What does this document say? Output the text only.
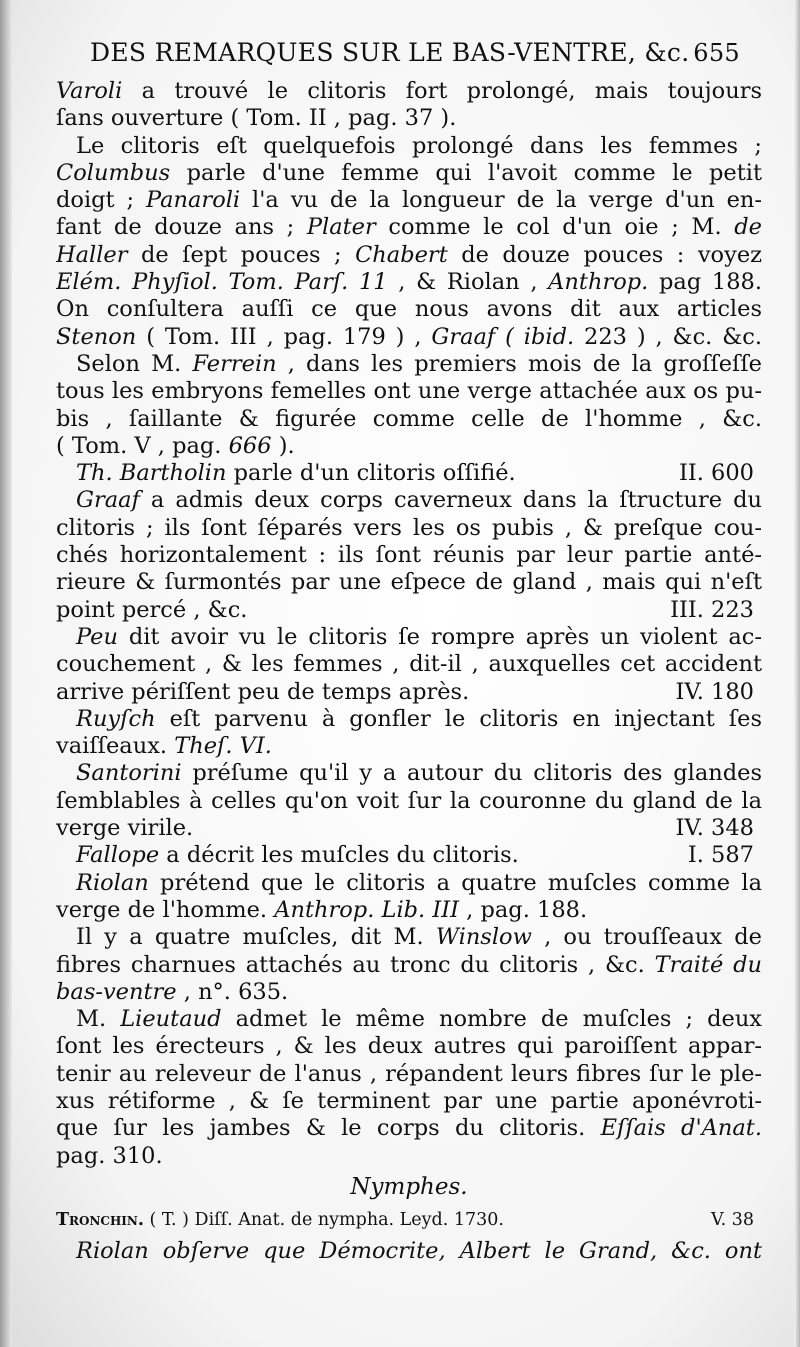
DES REMARQUES SUR LE BAS-VENTRE, &c. 655
Varoli a trouvé le clitoris fort prolongé, mais toujours
ſans ouverture ( Tom. II , pag. 37 ).
Le clitoris eſt quelquefois prolongé dans les femmes ;
Columbus parle d'une femme qui l'avoit comme le petit
doigt ; Panaroli l'a vu de la longueur de la verge d'un en-
fant de douze ans ; Plater comme le col d'un oie ; M. de
Haller de ſept pouces ; Chabert de douze pouces : voyez
Elém. Phyſiol. Tom. Parſ. 11 , & Riolan , Anthrop. pag 188.
On conſultera auſſi ce que nous avons dit aux articles
Stenon ( Tom. III , pag. 179 ) , Graaf ( ibid. 223 ) , &c. &c.
Selon M. Ferrein , dans les premiers mois de la groſſeſſe
tous les embryons femelles ont une verge attachée aux os pu-
bis , ſaillante & figurée comme celle de l'homme , &c.
( Tom. V , pag. 666 ).
Th. Bartholin parle d'un clitoris oſſifié.	II. 600
Graaf a admis deux corps caverneux dans la ſtructure du
clitoris ; ils ſont ſéparés vers les os pubis , & preſque cou-
chés horizontalement : ils ſont réunis par leur partie anté-
rieure & ſurmontés par une eſpece de gland , mais qui n'eſt
point percé , &c.	III. 223
Peu dit avoir vu le clitoris ſe rompre après un violent ac-
couchement , & les femmes , dit-il , auxquelles cet accident
arrive périſſent peu de temps après.	IV. 180
Ruyſch eſt parvenu à gonfler le clitoris en injectant ſes
vaiſſeaux. Theſ. VI.
Santorini préſume qu'il y a autour du clitoris des glandes
ſemblables à celles qu'on voit ſur la couronne du gland de la
verge virile.	IV. 348
Fallope a décrit les muſcles du clitoris.	I. 587
Riolan prétend que le clitoris a quatre muſcles comme la
verge de l'homme. Anthrop. Lib. III , pag. 188.
Il y a quatre muſcles, dit M. Winslow , ou trouſſeaux de
fibres charnues attachés au tronc du clitoris , &c. Traité du
bas-ventre , n°. 635.
M. Lieutaud admet le même nombre de muſcles ; deux
ſont les érecteurs , & les deux autres qui paroiſſent appar-
tenir au releveur de l'anus , répandent leurs fibres ſur le ple-
xus rétiforme , & ſe terminent par une partie aponévroti-
que ſur les jambes & le corps du clitoris. Eſſais d'Anat.
pag. 310.
Nymphes.
Tronchin. ( T. ) Diſſ. Anat. de nympha. Leyd. 1730.	V. 38
Riolan obſerve que Démocrite, Albert le Grand, &c. ont
